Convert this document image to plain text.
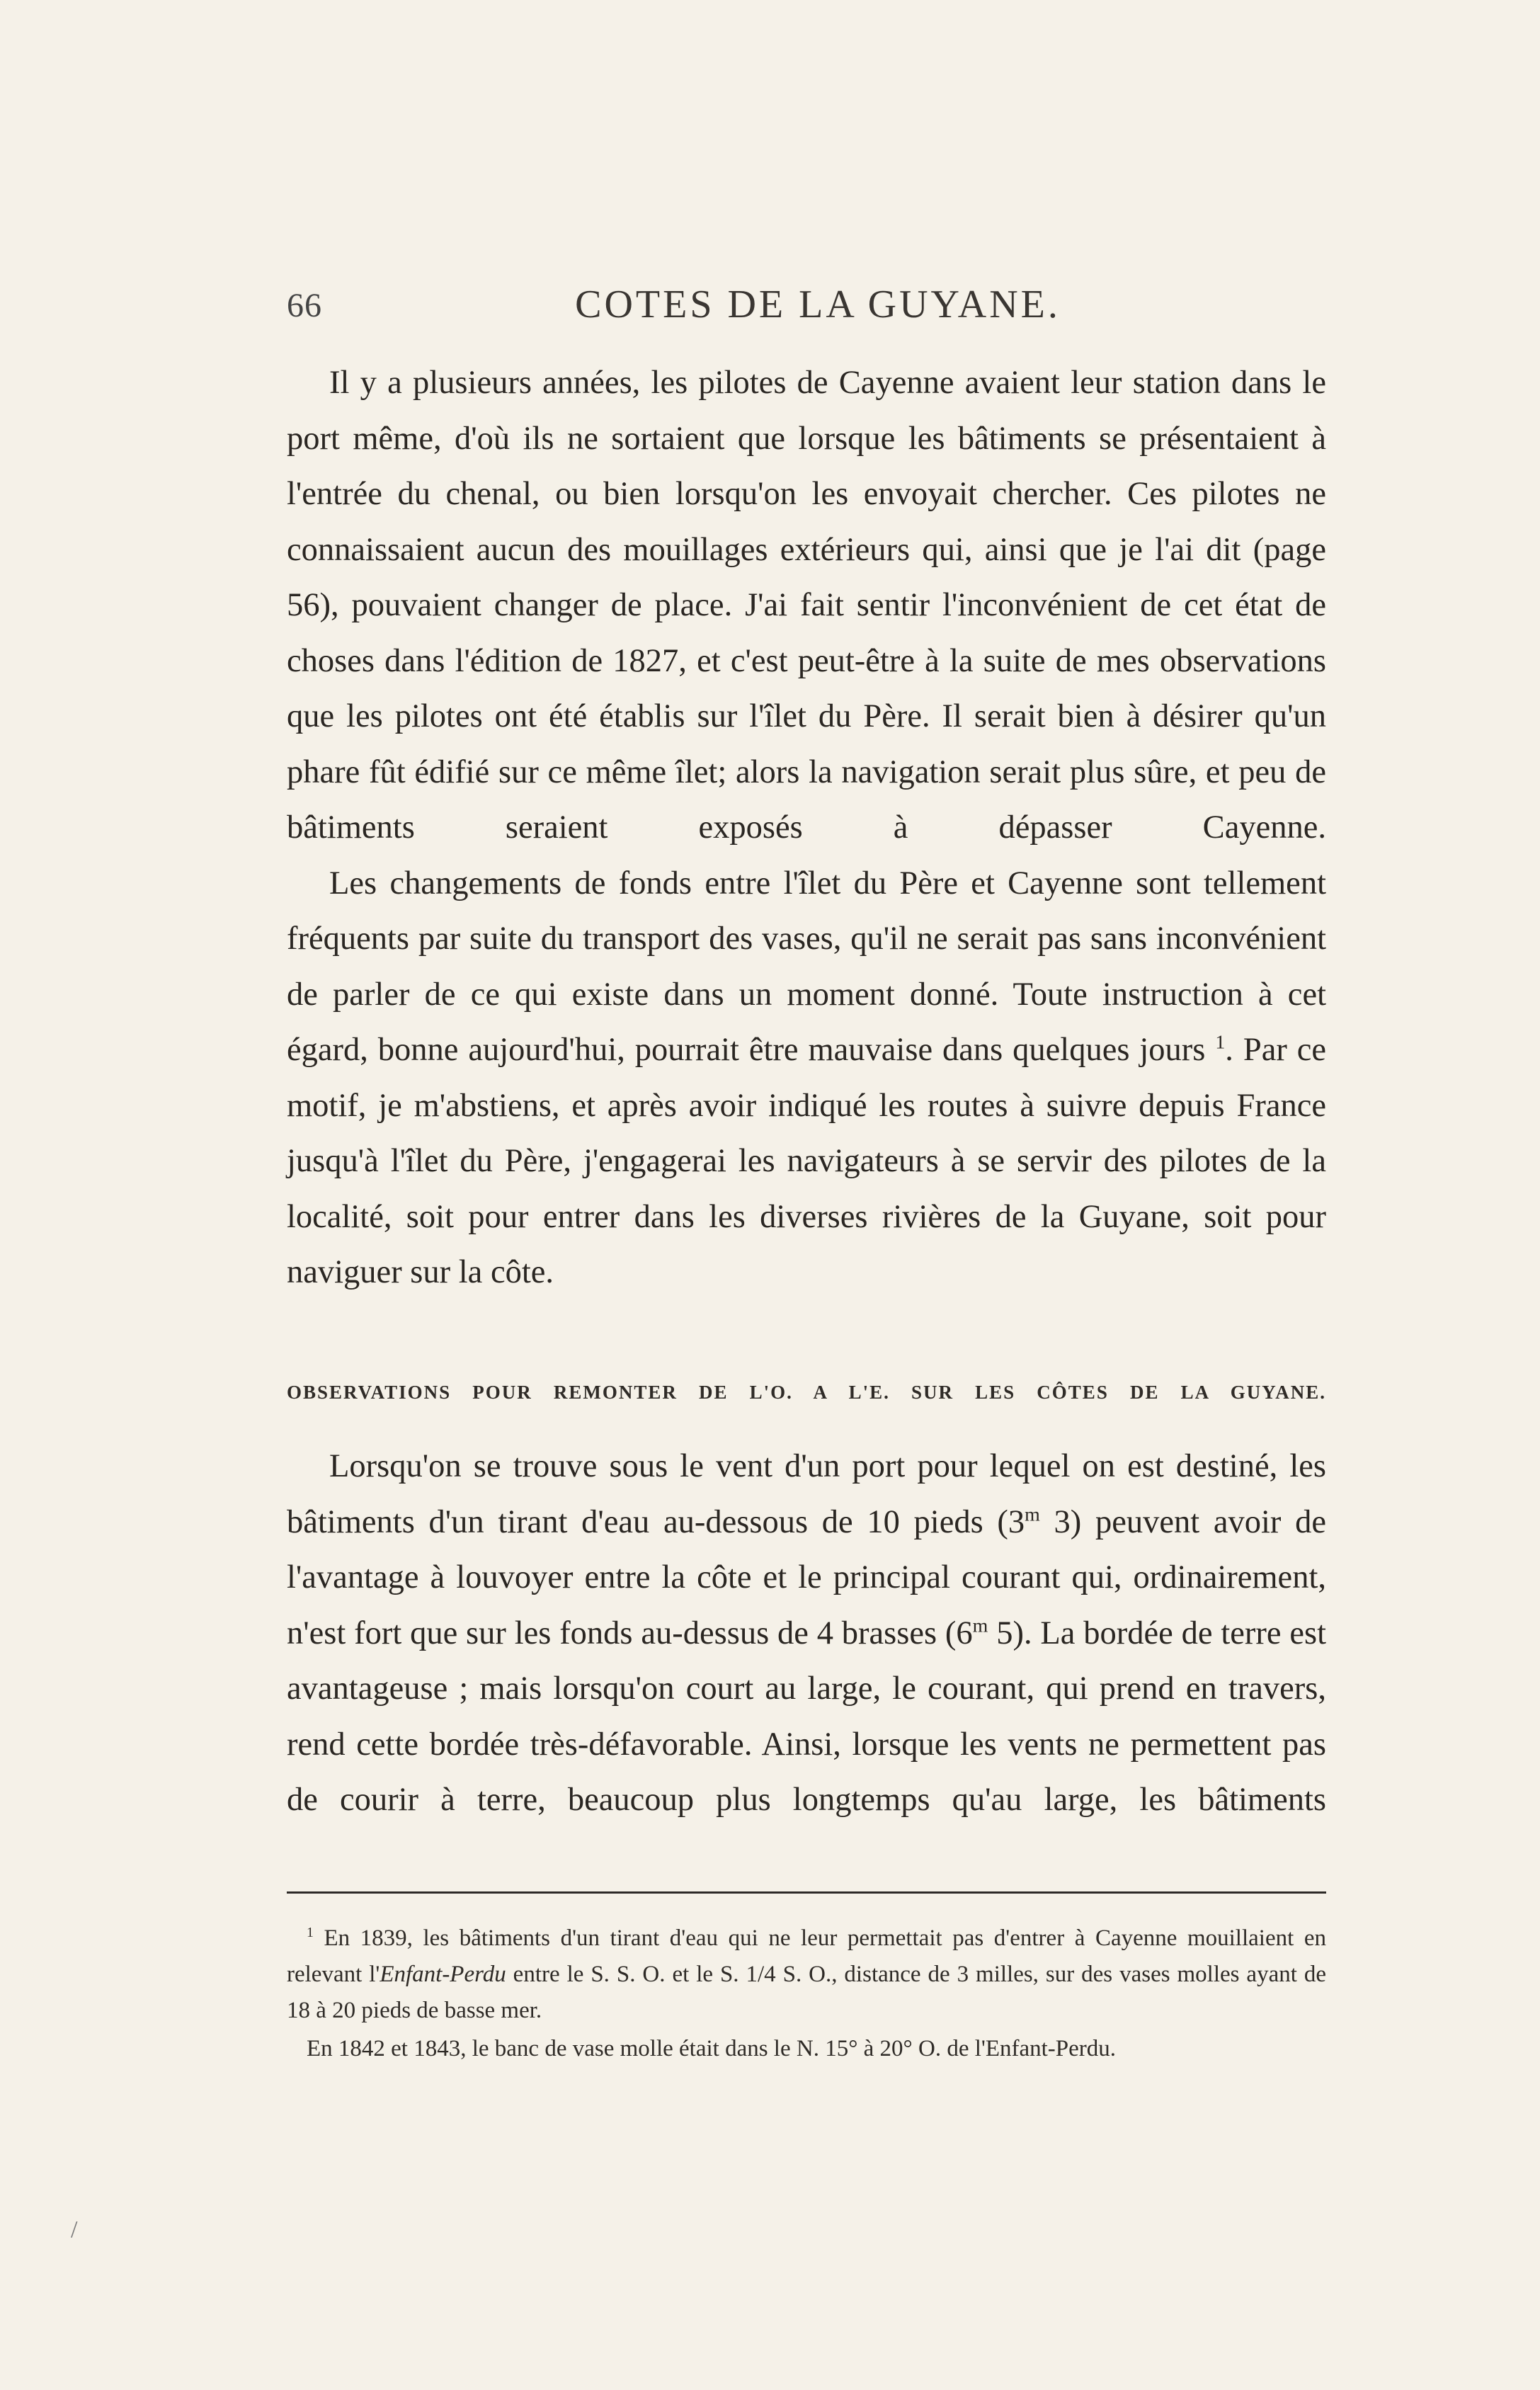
66	COTES DE LA GUYANE.

Il y a plusieurs années, les pilotes de Cayenne avaient leur station dans le port même, d'où ils ne sortaient que lorsque les bâtiments se présentaient à l'entrée du chenal, ou bien lorsqu'on les envoyait chercher. Ces pilotes ne connaissaient aucun des mouillages extérieurs qui, ainsi que je l'ai dit (page 56), pouvaient changer de place. J'ai fait sentir l'inconvénient de cet état de choses dans l'édition de 1827, et c'est peut-être à la suite de mes observations que les pilotes ont été établis sur l'îlet du Père. Il serait bien à désirer qu'un phare fût édifié sur ce même îlet; alors la navigation serait plus sûre, et peu de bâtiments seraient exposés à dépasser Cayenne.

Les changements de fonds entre l'îlet du Père et Cayenne sont tellement fréquents par suite du transport des vases, qu'il ne serait pas sans inconvénient de parler de ce qui existe dans un moment donné. Toute instruction à cet égard, bonne aujourd'hui, pourrait être mauvaise dans quelques jours $^1$. Par ce motif, je m'abstiens, et après avoir indiqué les routes à suivre depuis France jusqu'à l'îlet du Père, j'engagerai les navigateurs à se servir des pilotes de la localité, soit pour entrer dans les diverses rivières de la Guyane, soit pour naviguer sur la côte.

OBSERVATIONS POUR REMONTER DE L'O. A L'E. SUR LES CÔTES DE LA GUYANE.

Lorsqu'on se trouve sous le vent d'un port pour lequel on est destiné, les bâtiments d'un tirant d'eau au-dessous de 10 pieds (3$^m$ 3) peuvent avoir de l'avantage à louvoyer entre la côte et le principal courant qui, ordinairement, n'est fort que sur les fonds au-dessus de 4 brasses (6$^m$ 5). La bordée de terre est avantageuse ; mais lorsqu'on court au large, le courant, qui prend en travers, rend cette bordée très-défavorable. Ainsi, lorsque les vents ne permettent pas de courir à terre, beaucoup plus longtemps qu'au large, les bâtiments

$^1$ En 1839, les bâtiments d'un tirant d'eau qui ne leur permettait pas d'entrer à Cayenne mouillaient en relevant l'Enfant-Perdu entre le S. S. O. et le S. 1/4 S. O., distance de 3 milles, sur des vases molles ayant de 18 à 20 pieds de basse mer.

En 1842 et 1843, le banc de vase molle était dans le N. 15° à 20° O. de l'Enfant-Perdu.

/
